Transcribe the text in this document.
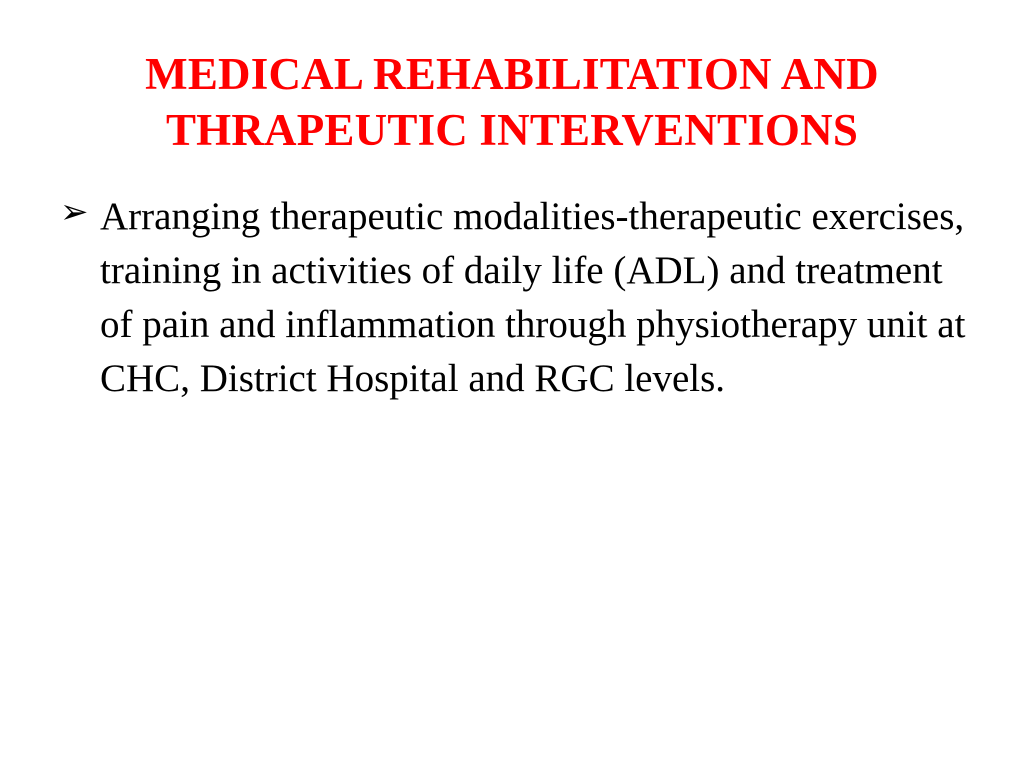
MEDICAL REHABILITATION AND
THRAPEUTIC INTERVENTIONS
➢ Arranging therapeutic modalities-therapeutic exercises, training in activities of daily life (ADL) and treatment of pain and inflammation through physiotherapy unit at CHC, District Hospital and RGC levels.
